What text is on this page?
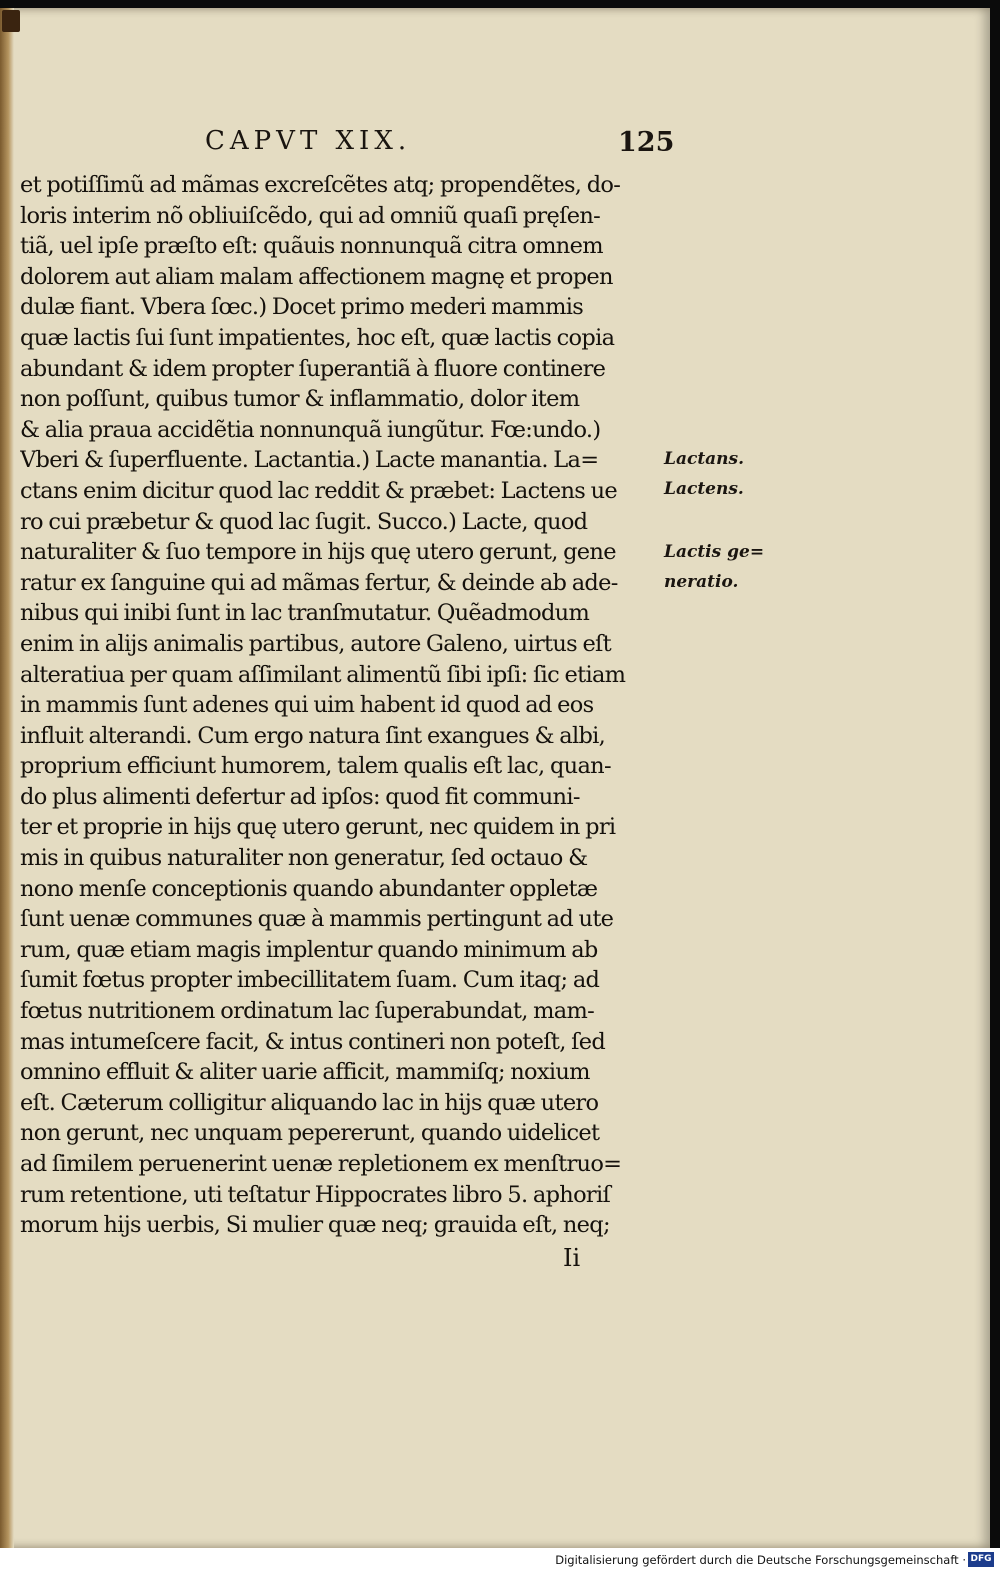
CAPVT XIX.	125
et potiſſimũ ad mãmas excreſcẽtes atq; propendẽtes, do-
loris interim nõ obliuiſcẽdo, qui ad omniũ quaſi pręſen-
tiã, uel ipſe præſto eſt: quãuis nonnunquã citra omnem
dolorem aut aliam malam affectionem magnę et propen
dulæ fiant. Vbera ſœc.) Docet primo mederi mammis
quæ lactis ſui ſunt impatientes, hoc eſt, quæ lactis copia
abundant & idem propter ſuperantiã à fluore continere
non poſſunt, quibus tumor & inflammatio, dolor item
& alia praua accidẽtia nonnunquã iungũtur. Fœ:undo.)
Vberi & ſuperfluente. Lactantia.) Lacte manantia. La=
ctans enim dicitur quod lac reddit & præbet: Lactens ue
ro cui præbetur & quod lac ſugit. Succo.) Lacte, quod
naturaliter & ſuo tempore in hijs quę utero gerunt, gene
ratur ex ſanguine qui ad mãmas fertur, & deinde ab ade-
nibus qui inibi ſunt in lac tranſmutatur. Quẽadmodum
enim in alijs animalis partibus, autore Galeno, uirtus eſt
alteratiua per quam aſſimilant alimentũ ſibi ipſi: ſic etiam
in mammis ſunt adenes qui uim habent id quod ad eos
influit alterandi. Cum ergo natura ſint exangues & albi,
proprium efficiunt humorem, talem qualis eſt lac, quan-
do plus alimenti defertur ad ipſos: quod fit communi-
ter et proprie in hijs quę utero gerunt, nec quidem in pri
mis in quibus naturaliter non generatur, ſed octauo &
nono menſe conceptionis quando abundanter oppletæ
ſunt uenæ communes quæ à mammis pertingunt ad ute
rum, quæ etiam magis implentur quando minimum ab
ſumit fœtus propter imbecillitatem ſuam. Cum itaq; ad
fœtus nutritionem ordinatum lac ſuperabundat, mam-
mas intumeſcere facit, & intus contineri non poteſt, ſed
omnino effluit & aliter uarie afficit, mammiſq; noxium
eſt. Cæterum colligitur aliquando lac in hijs quæ utero
non gerunt, nec unquam pepererunt, quando uidelicet
ad ſimilem peruenerint uenæ repletionem ex menſtruo=
rum retentione, uti teſtatur Hippocrates libro 5. aphoriſ
morum hijs uerbis, Si mulier quæ neq; grauida eſt, neq;
Lactans.
Lactens.
Lactis ge=
neratio.
Ii
Digitalisierung gefördert durch die Deutsche Forschungsgemeinschaft · DFG
